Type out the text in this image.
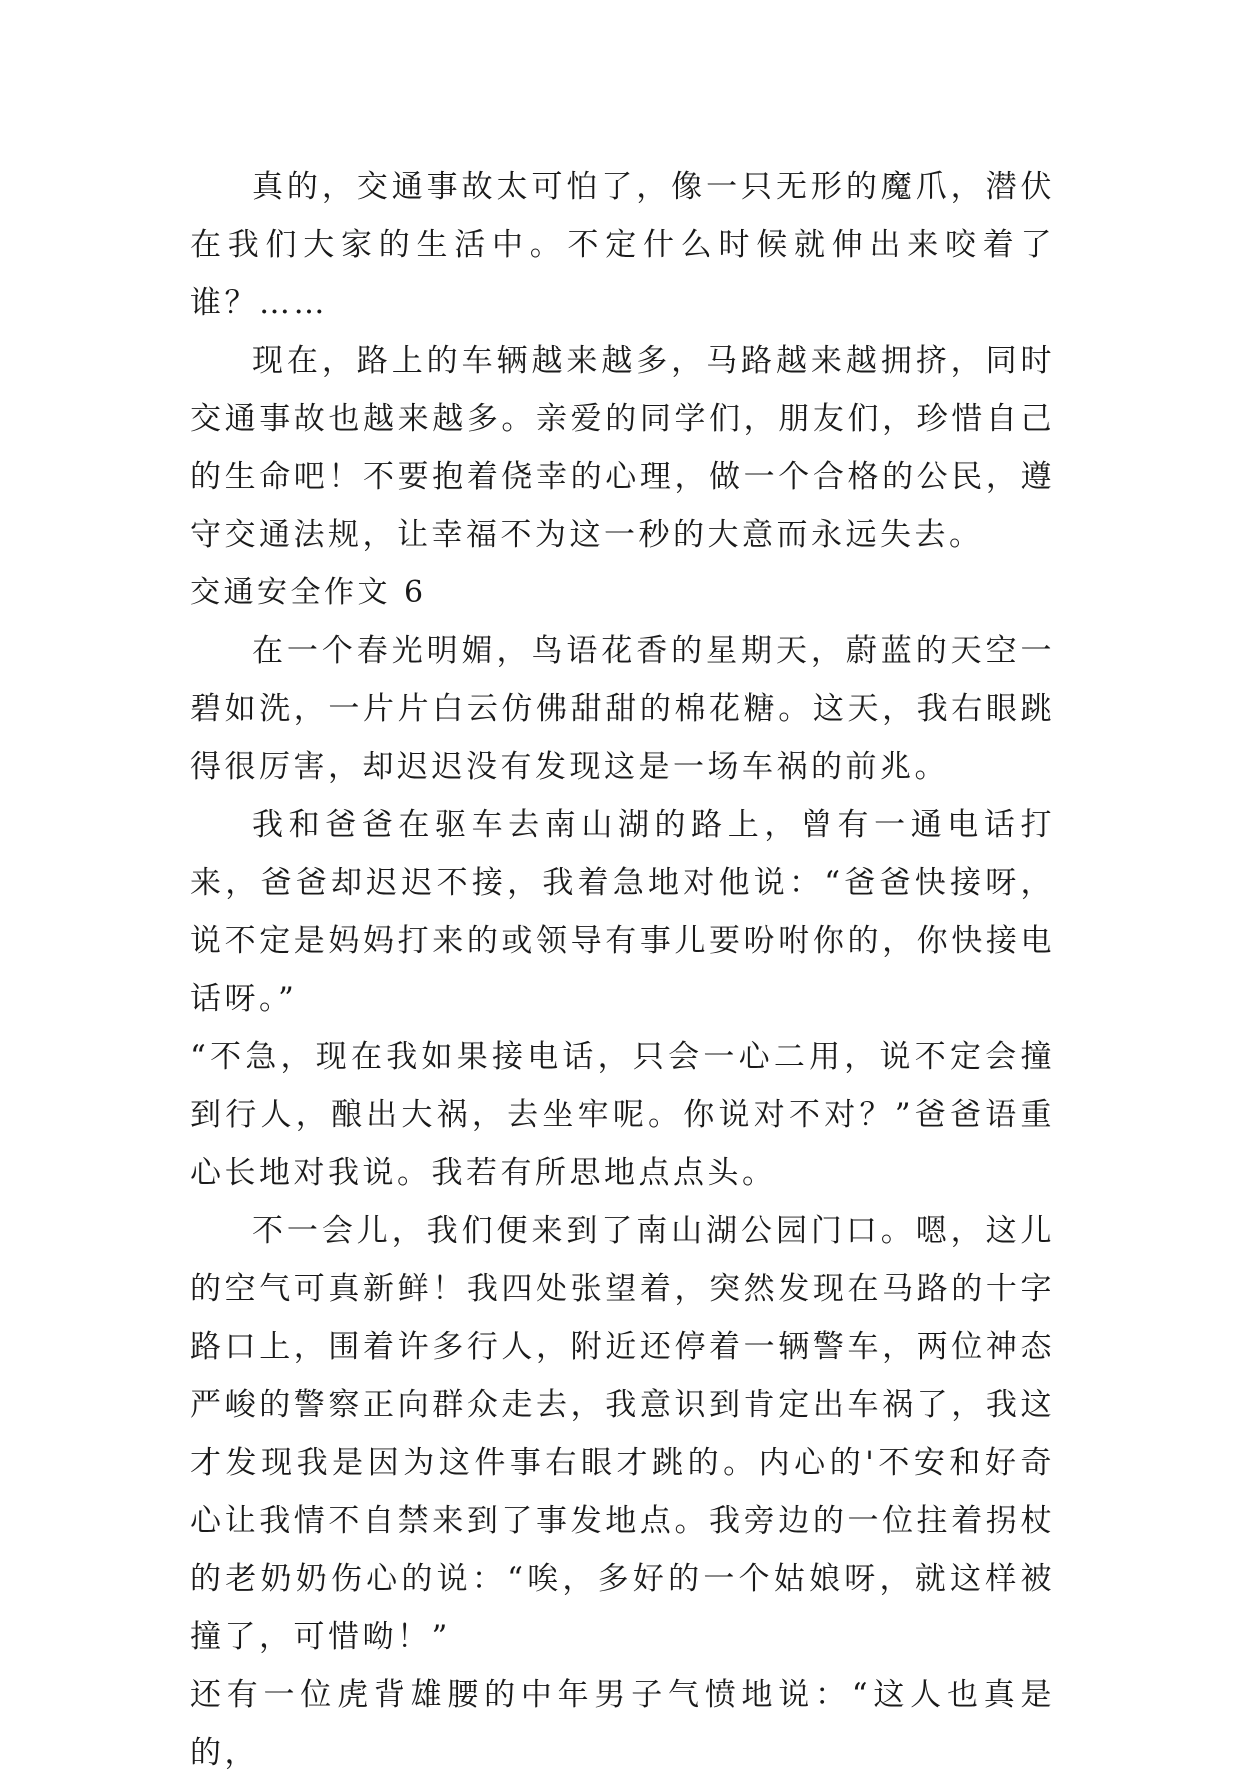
真的，交通事故太可怕了，像一只无形的魔爪，潜伏在我们大家的生活中。不定什么时候就伸出来咬着了谁？……

现在，路上的车辆越来越多，马路越来越拥挤，同时交通事故也越来越多。亲爱的同学们，朋友们，珍惜自己的生命吧！不要抱着侥幸的心理，做一个合格的公民，遵守交通法规，让幸福不为这一秒的大意而永远失去。

交通安全作文 6

在一个春光明媚，鸟语花香的星期天，蔚蓝的天空一碧如洗，一片片白云仿佛甜甜的棉花糖。这天，我右眼跳得很厉害，却迟迟没有发现这是一场车祸的前兆。

我和爸爸在驱车去南山湖的路上，曾有一通电话打来，爸爸却迟迟不接，我着急地对他说：“爸爸快接呀，说不定是妈妈打来的或领导有事儿要吩咐你的，你快接电话呀。”

“不急，现在我如果接电话，只会一心二用，说不定会撞到行人，酿出大祸，去坐牢呢。你说对不对？”爸爸语重心长地对我说。我若有所思地点点头。

不一会儿，我们便来到了南山湖公园门口。嗯，这儿的空气可真新鲜！我四处张望着，突然发现在马路的十字路口上，围着许多行人，附近还停着一辆警车，两位神态严峻的警察正向群众走去，我意识到肯定出车祸了，我这才发现我是因为这件事右眼才跳的。内心的'不安和好奇心让我情不自禁来到了事发地点。我旁边的一位拄着拐杖的老奶奶伤心的说：“唉，多好的一个姑娘呀，就这样被撞了，可惜呦！”

还有一位虎背雄腰的中年男子气愤地说：“这人也真是的，
